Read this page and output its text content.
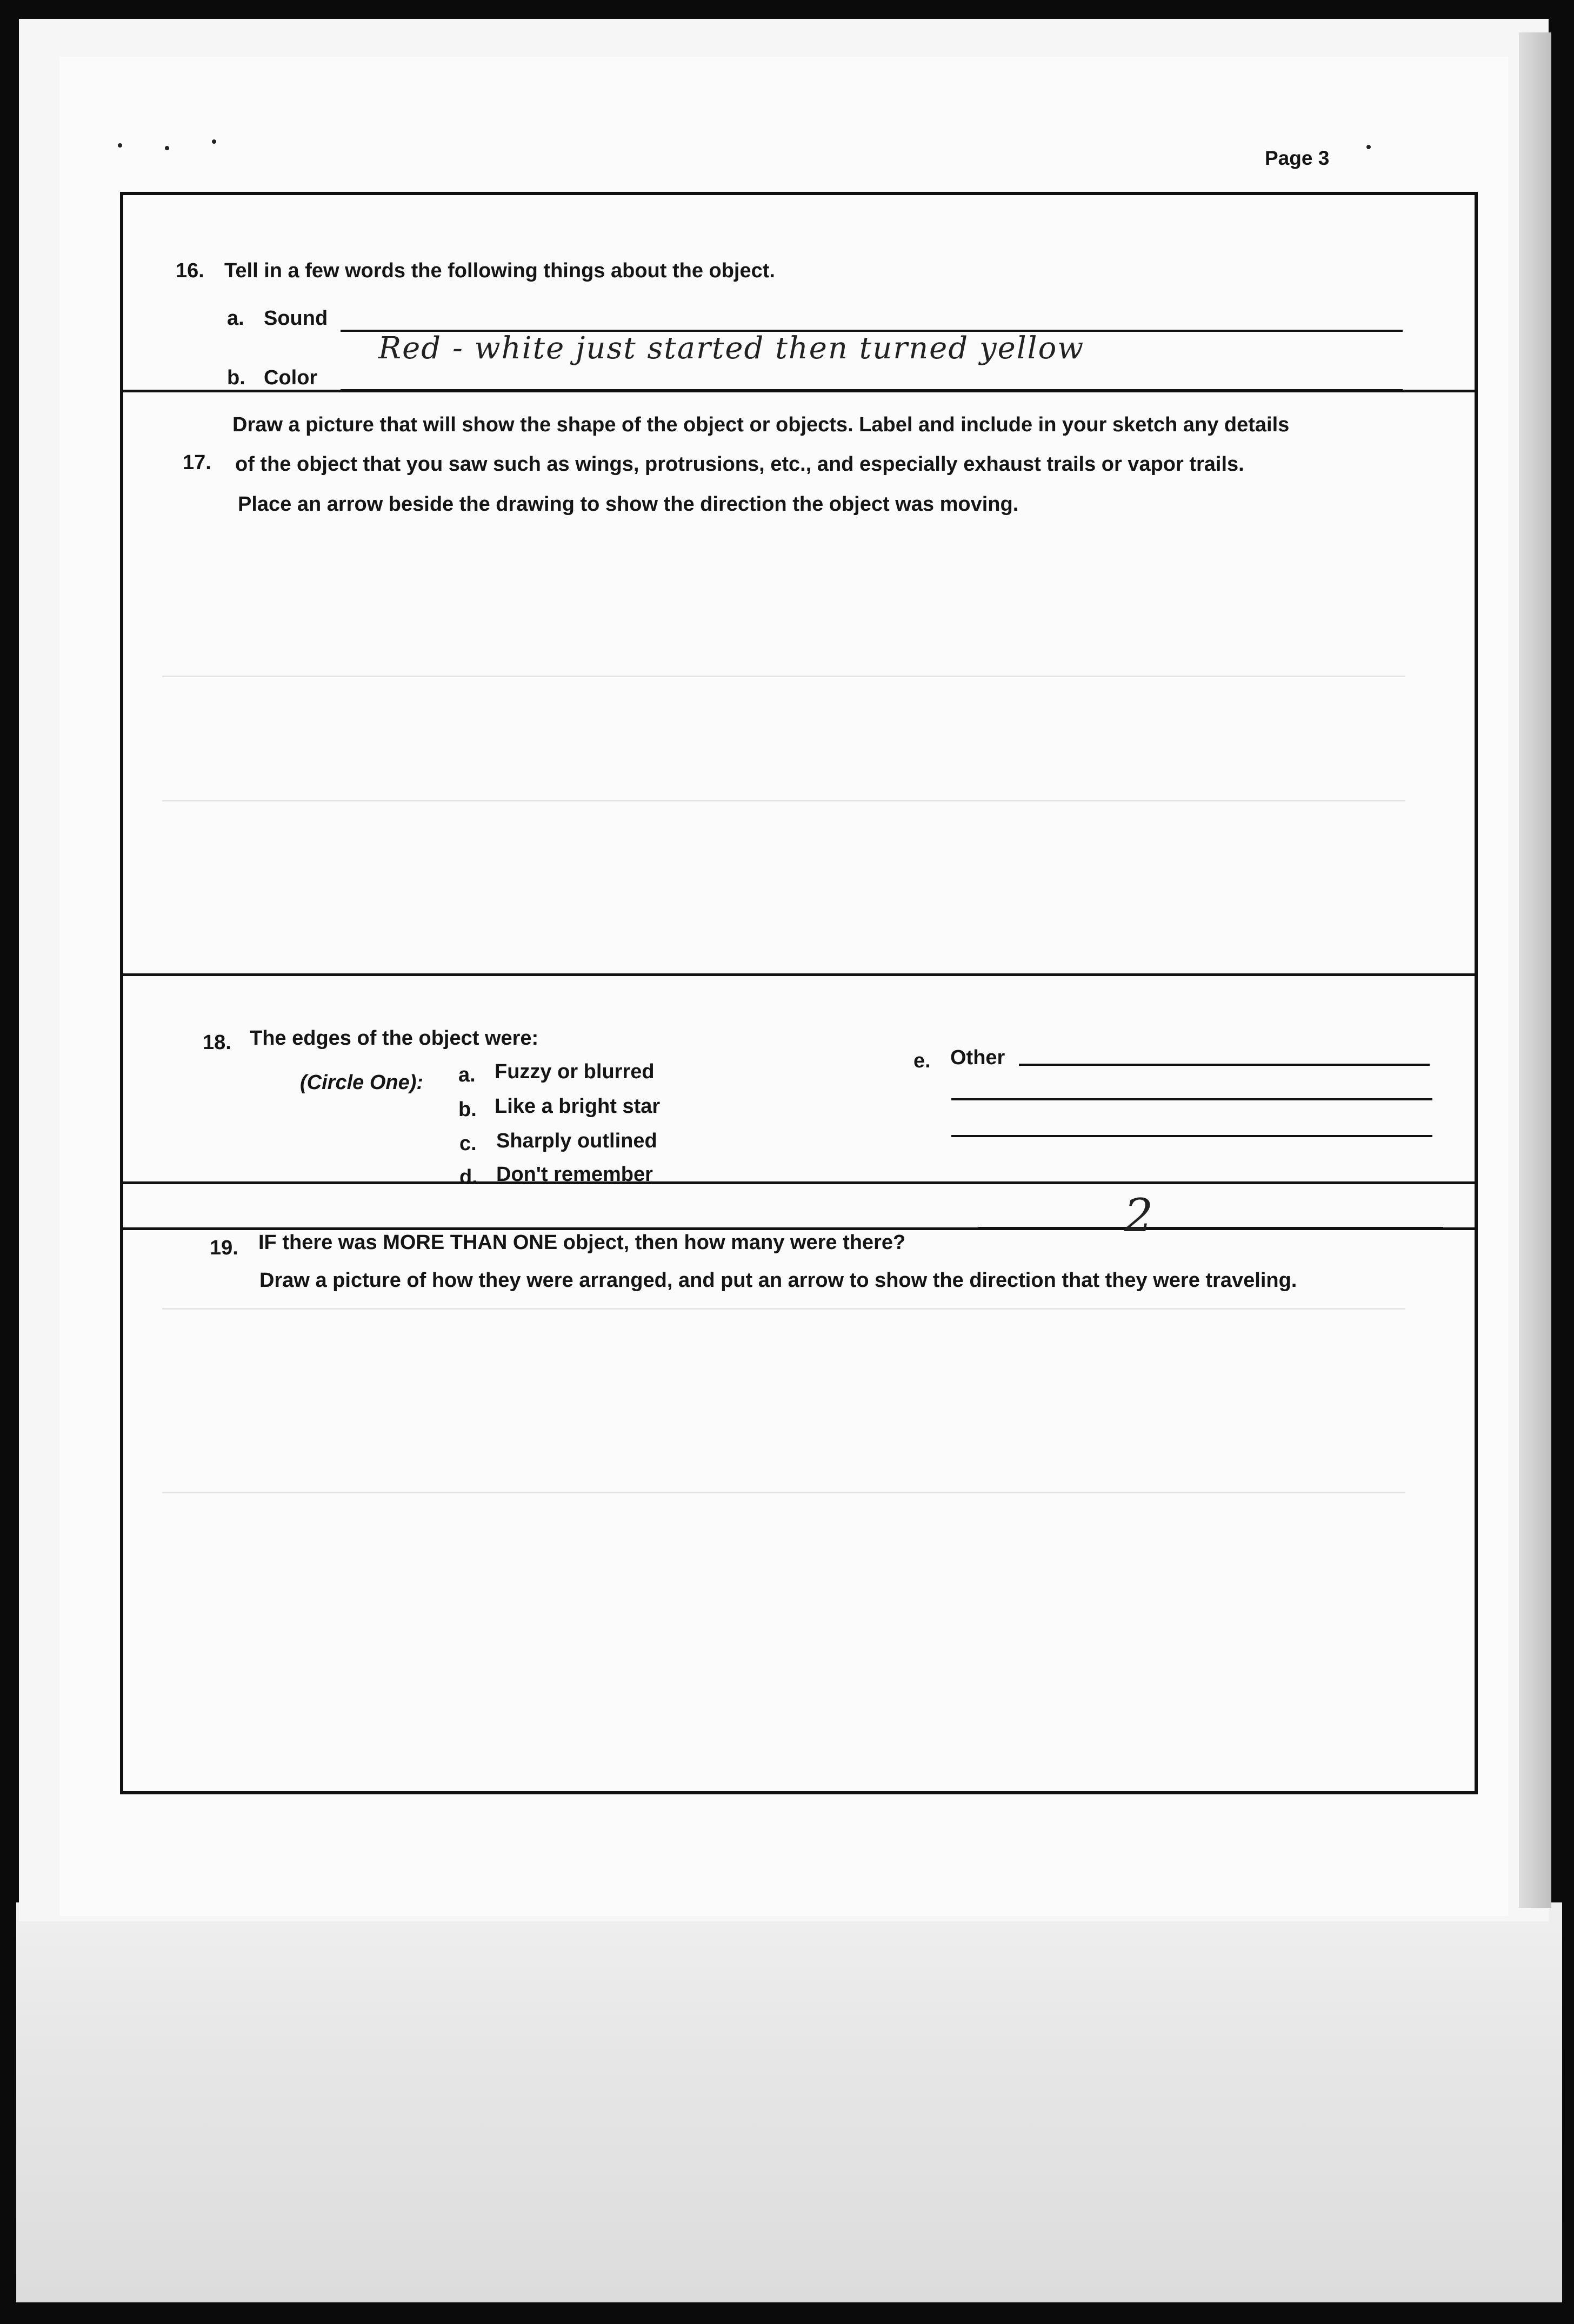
Page 3
16. Tell in a few words the following things about the object.
a. Sound
b. Color
Red - white just started then turned yellow
17.
Draw a picture that will show the shape of the object or objects. Label and include in your sketch any details
of the object that you saw such as wings, protrusions, etc., and especially exhaust trails or vapor trails.
Place an arrow beside the drawing to show the direction the object was moving.
18. The edges of the object were:
(Circle One): a. Fuzzy or blurred
b. Like a bright star
c. Sharply outlined
d. Don't remember
e. Other
19. IF there was MORE THAN ONE object, then how many were there?
2
Draw a picture of how they were arranged, and put an arrow to show the direction that they were traveling.
